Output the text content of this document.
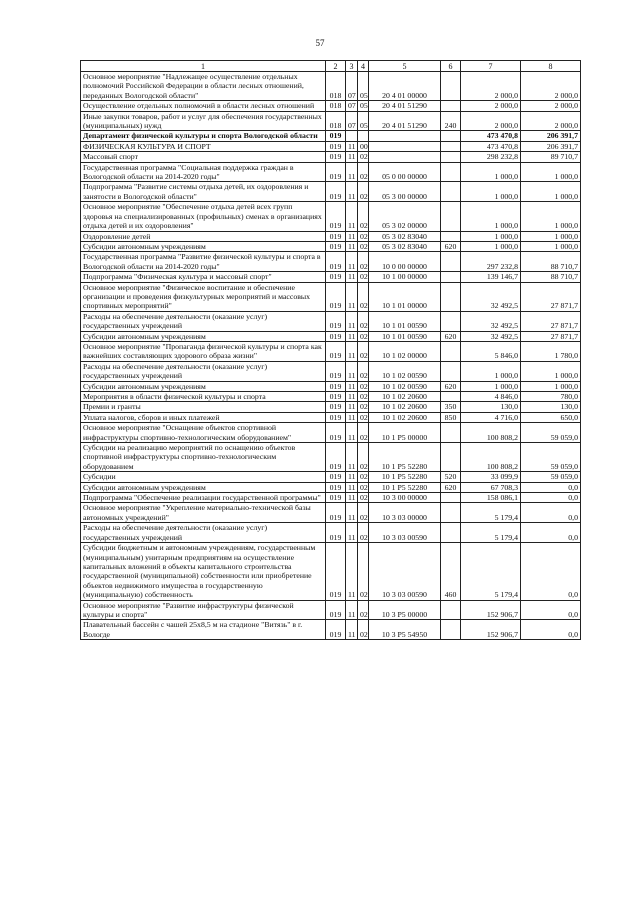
57
1	2	3	4	5	6	7	8
Основное мероприятие "Надлежащее осуществление отдельных полномочий Российской Федерации в области лесных отношений, переданных Вологодской области"	018	07	05	20 4 01 00000		2 000,0	2 000,0
Осуществление отдельных полномочий в области лесных отношений	018	07	05	20 4 01 51290		2 000,0	2 000,0
Иные закупки товаров, работ и услуг для обеспечения государственных (муниципальных) нужд	018	07	05	20 4 01 51290	240	2 000,0	2 000,0
Департамент физической культуры и спорта Вологодской области	019					473 470,8	206 391,7
ФИЗИЧЕСКАЯ КУЛЬТУРА И СПОРТ	019	11	00			473 470,8	206 391,7
Массовый спорт	019	11	02			298 232,8	89 710,7
Государственная программа "Социальная поддержка граждан в Вологодской области на 2014-2020 годы"	019	11	02	05 0 00 00000		1 000,0	1 000,0
Подпрограмма "Развитие системы отдыха детей, их оздоровления и занятости в Вологодской области"	019	11	02	05 3 00 00000		1 000,0	1 000,0
Основное мероприятие "Обеспечение отдыха детей всех групп здоровья на специализированных (профильных) сменах в организациях отдыха детей и их оздоровления"	019	11	02	05 3 02 00000		1 000,0	1 000,0
Оздоровление детей	019	11	02	05 3 02 83040		1 000,0	1 000,0
Субсидии автономным учреждениям	019	11	02	05 3 02 83040	620	1 000,0	1 000,0
Государственная программа "Развитие физической культуры и спорта в Вологодской области на 2014-2020 годы"	019	11	02	10 0 00 00000		297 232,8	88 710,7
Подпрограмма "Физическая культура и массовый спорт"	019	11	02	10 1 00 00000		139 146,7	88 710,7
Основное мероприятие "Физическое воспитание и обеспечение организации и проведения физкультурных мероприятий и массовых спортивных мероприятий"	019	11	02	10 1 01 00000		32 492,5	27 871,7
Расходы на обеспечение деятельности (оказание услуг) государственных учреждений	019	11	02	10 1 01 00590		32 492,5	27 871,7
Субсидии автономным учреждениям	019	11	02	10 1 01 00590	620	32 492,5	27 871,7
Основное мероприятие "Пропаганда физической культуры и спорта как важнейших составляющих здорового образа жизни"	019	11	02	10 1 02 00000		5 846,0	1 780,0
Расходы на обеспечение деятельности (оказание услуг) государственных учреждений	019	11	02	10 1 02 00590		1 000,0	1 000,0
Субсидии автономным учреждениям	019	11	02	10 1 02 00590	620	1 000,0	1 000,0
Мероприятия в области физической культуры и спорта	019	11	02	10 1 02 20600		4 846,0	780,0
Премии и гранты	019	11	02	10 1 02 20600	350	130,0	130,0
Уплата налогов, сборов и иных платежей	019	11	02	10 1 02 20600	850	4 716,0	650,0
Основное мероприятие "Оснащение объектов спортивной инфраструктуры спортивно-технологическим оборудованием"	019	11	02	10 1 P5 00000		100 808,2	59 059,0
Субсидии на реализацию мероприятий по оснащению объектов спортивной инфраструктуры спортивно-технологическим оборудованием	019	11	02	10 1 P5 52280		100 808,2	59 059,0
Субсидии	019	11	02	10 1 P5 52280	520	33 099,9	59 059,0
Субсидии автономным учреждениям	019	11	02	10 1 P5 52280	620	67 708,3	0,0
Подпрограмма "Обеспечение реализации государственной программы"	019	11	02	10 3 00 00000		158 086,1	0,0
Основное мероприятие "Укрепление материально-технической базы автономных учреждений"	019	11	02	10 3 03 00000		5 179,4	0,0
Расходы на обеспечение деятельности (оказание услуг) государственных учреждений	019	11	02	10 3 03 00590		5 179,4	0,0
Субсидии бюджетным и автономным учреждениям, государственным (муниципальным) унитарным предприятиям на осуществление капитальных вложений в объекты капитального строительства государственной (муниципальной) собственности или приобретение объектов недвижимого имущества в государственную (муниципальную) собственность	019	11	02	10 3 03 00590	460	5 179,4	0,0
Основное мероприятие "Развитие инфраструктуры физической культуры и спорта"	019	11	02	10 3 P5 00000		152 906,7	0,0
Плавательный бассейн с чашей 25х8,5 м на стадионе "Витязь" в г. Вологде	019	11	02	10 3 P5 54950		152 906,7	0,0
